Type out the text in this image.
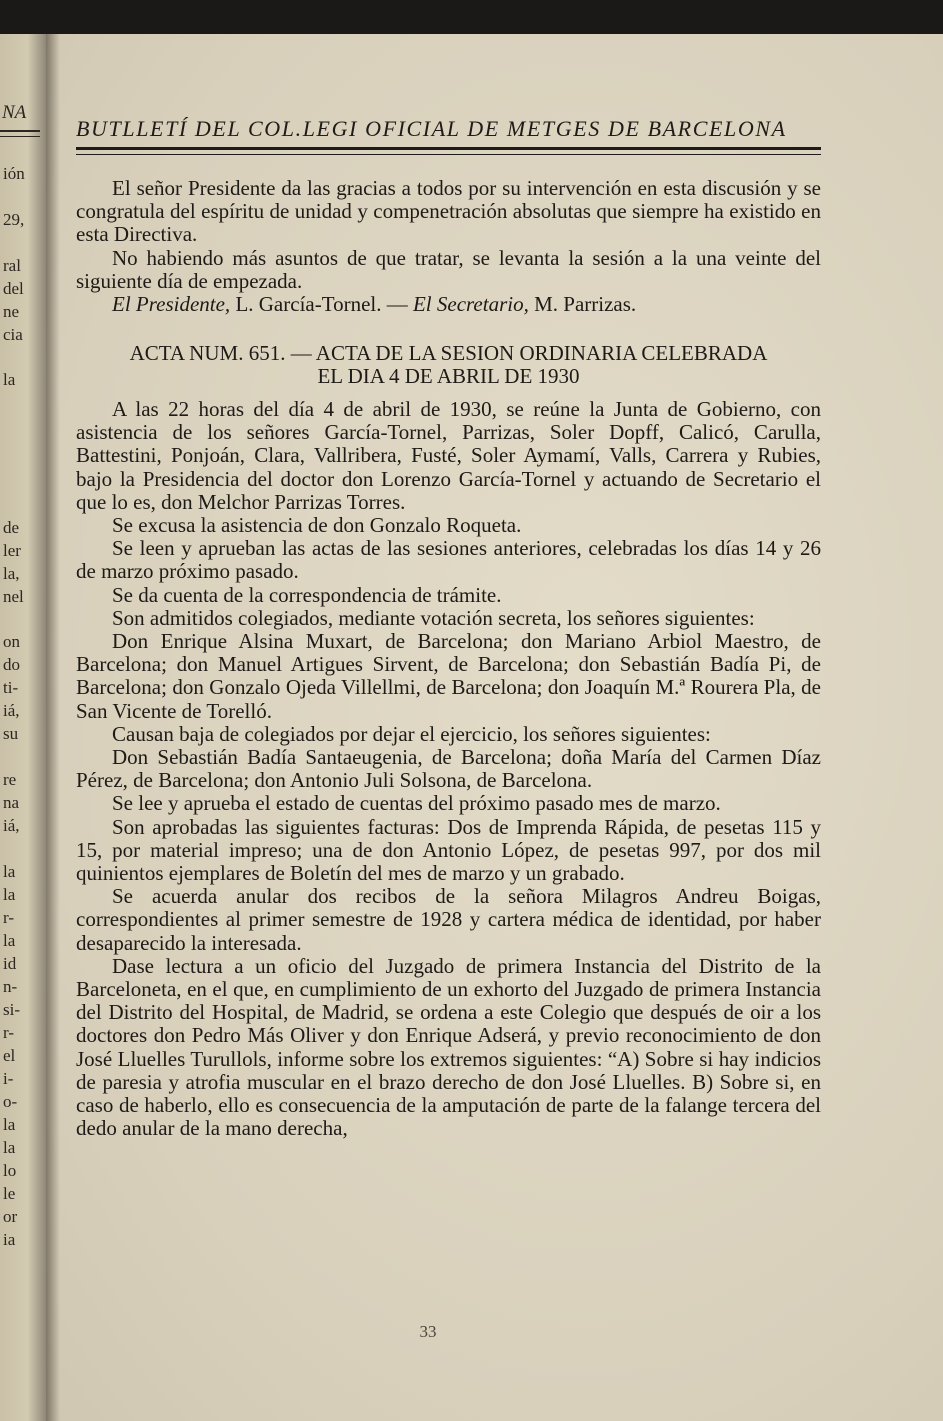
NA
ión
29,
ral
del
ne
cia
la
de
ler
la,
nel
on
do
ti-
iá,
su
re
na
iá,
la
la
r-
la
id
n-
si-
r-
el
i-
o-
la
la
lo
le
or
ia
BUTLLETÍ DEL COL.LEGI OFICIAL DE METGES DE BARCELONA

El señor Presidente da las gracias a todos por su intervención en esta discusión y se congratula del espíritu de unidad y compenetración absolutas que siempre ha existido en esta Directiva.

No habiendo más asuntos de que tratar, se levanta la sesión a la una veinte del siguiente día de empezada.

El Presidente, L. García-Tornel. — El Secretario, M. Parrizas.

ACTA NUM. 651. — ACTA DE LA SESION ORDINARIA CELEBRADA
EL DIA 4 DE ABRIL DE 1930

A las 22 horas del día 4 de abril de 1930, se reúne la Junta de Gobierno, con asistencia de los señores García-Tornel, Parrizas, Soler Dopff, Calicó, Carulla, Battestini, Ponjoán, Clara, Vallribera, Fusté, Soler Aymamí, Valls, Carrera y Rubies, bajo la Presidencia del doctor don Lorenzo García-Tornel y actuando de Secretario el que lo es, don Melchor Parrizas Torres.

Se excusa la asistencia de don Gonzalo Roqueta.

Se leen y aprueban las actas de las sesiones anteriores, celebradas los días 14 y 26 de marzo próximo pasado.

Se da cuenta de la correspondencia de trámite.

Son admitidos colegiados, mediante votación secreta, los señores siguientes:

Don Enrique Alsina Muxart, de Barcelona; don Mariano Arbiol Maestro, de Barcelona; don Manuel Artigues Sirvent, de Barcelona; don Sebastián Badía Pi, de Barcelona; don Gonzalo Ojeda Villellmi, de Barcelona; don Joaquín M.ª Rourera Pla, de San Vicente de Torelló.

Causan baja de colegiados por dejar el ejercicio, los señores siguientes:

Don Sebastián Badía Santaeugenia, de Barcelona; doña María del Carmen Díaz Pérez, de Barcelona; don Antonio Juli Solsona, de Barcelona.

Se lee y aprueba el estado de cuentas del próximo pasado mes de marzo.

Son aprobadas las siguientes facturas: Dos de Imprenda Rápida, de pesetas 115 y 15, por material impreso; una de don Antonio López, de pesetas 997, por dos mil quinientos ejemplares de Boletín del mes de marzo y un grabado.

Se acuerda anular dos recibos de la señora Milagros Andreu Boigas, correspondientes al primer semestre de 1928 y cartera médica de identidad, por haber desaparecido la interesada.

Dase lectura a un oficio del Juzgado de primera Instancia del Distrito de la Barceloneta, en el que, en cumplimiento de un exhorto del Juzgado de primera Instancia del Distrito del Hospital, de Madrid, se ordena a este Colegio que después de oir a los doctores don Pedro Más Oliver y don Enrique Adserá, y previo reconocimiento de don José Lluelles Turullols, informe sobre los extremos siguientes: “A) Sobre si hay indicios de paresia y atrofia muscular en el brazo derecho de don José Lluelles. B) Sobre si, en caso de haberlo, ello es consecuencia de la amputación de parte de la falange tercera del dedo anular de la mano derecha,

33
